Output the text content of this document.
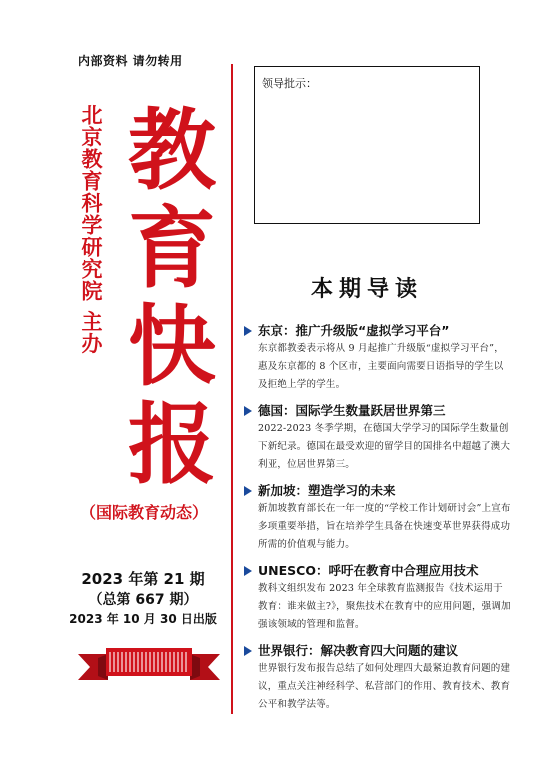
内部资料 请勿转用
北京教育科学研究院 主办 教
育
快
报
（国际教育动态）
2023 年第 21 期
（总第 667 期）
2023 年 10 月 30 日出版
领导批示：
本期导读
东京：推广升级版“虚拟学习平台”
东京都教委表示将从 9 月起推广升级版“虚拟学习平台”，惠及东京都的 8 个区市，主要面向需要日语指导的学生以及拒绝上学的学生。
德国：国际学生数量跃居世界第三
2022-2023 冬季学期，在德国大学学习的国际学生数量创下新纪录。德国在最受欢迎的留学目的国排名中超越了澳大利亚，位居世界第三。
新加坡：塑造学习的未来
新加坡教育部长在一年一度的“学校工作计划研讨会”上宣布多项重要举措，旨在培养学生具备在快速变革世界获得成功所需的价值观与能力。
UNESCO：呼吁在教育中合理应用技术
教科文组织发布 2023 年全球教育监测报告《技术运用于教育：谁来做主?》，聚焦技术在教育中的应用问题，强调加强该领域的管理和监督。
世界银行：解决教育四大问题的建议
世界银行发布报告总结了如何处理四大最紧迫教育问题的建议，重点关注神经科学、私营部门的作用、教育技术、教育公平和教学法等。
